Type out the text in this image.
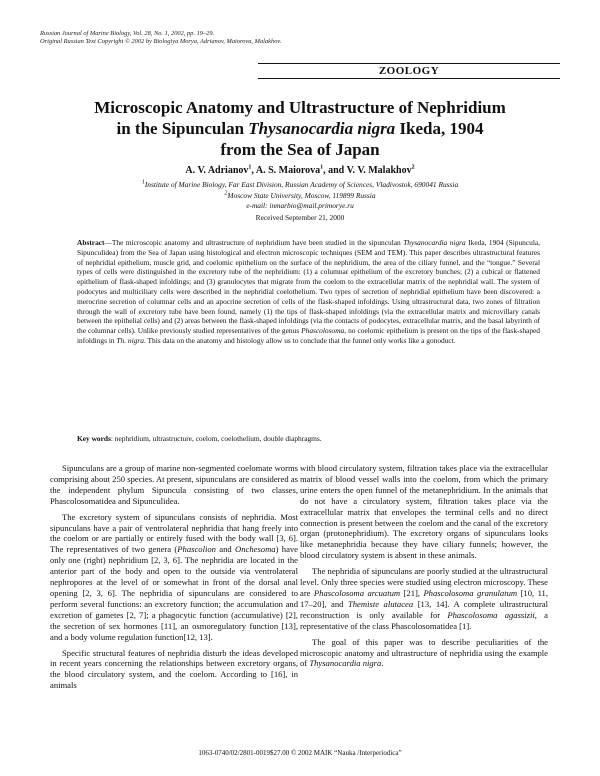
Russian Journal of Marine Biology, Vol. 28, No. 1, 2002, pp. 19–29.
Original Russian Text Copyright © 2002 by Biologiya Morya, Adrianov, Maiorova, Malakhov.
ZOOLOGY
Microscopic Anatomy and Ultrastructure of Nephridium
in the Sipunculan Thysanocardia nigra Ikeda, 1904
from the Sea of Japan
A. V. Adrianov$^1$, A. S. Maiorova$^1$, and V. V. Malakhov$^2$
$^1$Institute of Marine Biology, Far East Division, Russian Academy of Sciences, Vladivostok, 690041 Russia
$^2$Moscow State University, Moscow, 119899 Russia
e-mail: inmarbio@mail.primorye.ru
Received September 21, 2000
Abstract—The microscopic anatomy and ultrastructure of nephridium have been studied in the sipunculan Thysanocardia nigra Ikeda, 1904 (Sipuncula, Sipunculidea) from the Sea of Japan using histological and electron microscopic techniques (SEM and TEM). This paper describes ultrastructural features of nephridial epithelium, muscle grid, and coelomic epithelium on the surface of the nephridium, the area of the ciliary funnel, and the “tongue.” Several types of cells were distinguished in the excretory tube of the nephridium: (1) a columnar epithelium of the excretory bunches; (2) a cubical or flattened epithelium of flask-shaped infoldings; and (3) granulocytes that migrate from the coelom to the extracellular matrix of the nephridial wall. The system of podocytes and multiciliary cells were described in the nephridial coelothelium. Two types of secretion of nephridial epithelium have been discovered: a merocrine secretion of columnar cells and an apocrine secretion of cells of the flask-shaped infoldings. Using ultrastructural data, two zones of filtration through the wall of excretory tube have been found, namely (1) the tips of flask-shaped infoldings (via the extracellular matrix and microvillary canals between the epithelial cells) and (2) areas between the flask-shaped infoldings (via the contacts of podocytes, extracellular matrix, and the basal labyrinth of the columnar cells). Unlike previously studied representatives of the genus Phascolosoma, no coelomic epithelium is present on the tips of the flask-shaped infoldings in Th. nigra. This data on the anatomy and histology allow us to conclude that the funnel only works like a gonoduct.
Key words: nephridium, ultrastructure, coelom, coelothelium, double diaphragms.

Sipunculans are a group of marine non-segmented coelomate worms comprising about 250 species. At present, sipunculans are considered as the independent phylum Sipuncula consisting of two classes, Phascolosomatidea and Sipunculidea.

The excretory system of sipunculans consists of nephridia. Most sipunculans have a pair of ventrolateral nephridia that hang freely into the coelom or are partially or entirely fused with the body wall [3, 6]. The representatives of two genera (Phascolion and Onchesoma) have only one (right) nephridium [2, 3, 6]. The nephridia are located in the anterior part of the body and open to the outside via ventrolateral nephropores at the level of or somewhat in front of the dorsal anal opening [2, 3, 6]. The nephridia of sipunculans are considered to perform several functions: an excretory function; the accumulation and excretion of gametes [2, 7]; a phagocytic function (accumulative) [2], the secretion of sex hormones [11], an osmoregulatory function [13], and a body volume regulation function[12, 13].

Specific structural features of nephridia disturb the ideas developed in recent years concerning the relationships between excretory organs, the blood circulatory system, and the coelom. According to [16], in animals

with blood circulatory system, filtration takes place via the extracellular matrix of blood vessel walls into the coelom, from which the primary urine enters the open funnel of the metanephridium. In the animals that do not have a circulatory system, filtration takes place via the extracellular matrix that envelopes the terminal cells and no direct connection is present between the coelom and the canal of the excretory organ (protonephridium). The excretory organs of sipunculans looks like metanephridia because they have ciliary funnels; however, the blood circulatory system is absent in these animals.

The nephridia of sipunculans are poorly studied at the ultrastructural level. Only three species were studied using electron microscopy. These are Phascolosoma arcuatum [21], Phascolosoma granulatum [10, 11, 17–20], and Themiste alutacea [13, 14]. A complete ultrastructural reconstruction is only available for Phascolosoma agassizii, a representative of the class Phascolosomatidea [1].

The goal of this paper was to describe peculiarities of the microscopic anatomy and ultrastructure of nephridia using the example of Thysanocardia nigra.

1063-0740/02/2801-0019$27.00 © 2002 MAIK “Nauka /Interperiodica”
